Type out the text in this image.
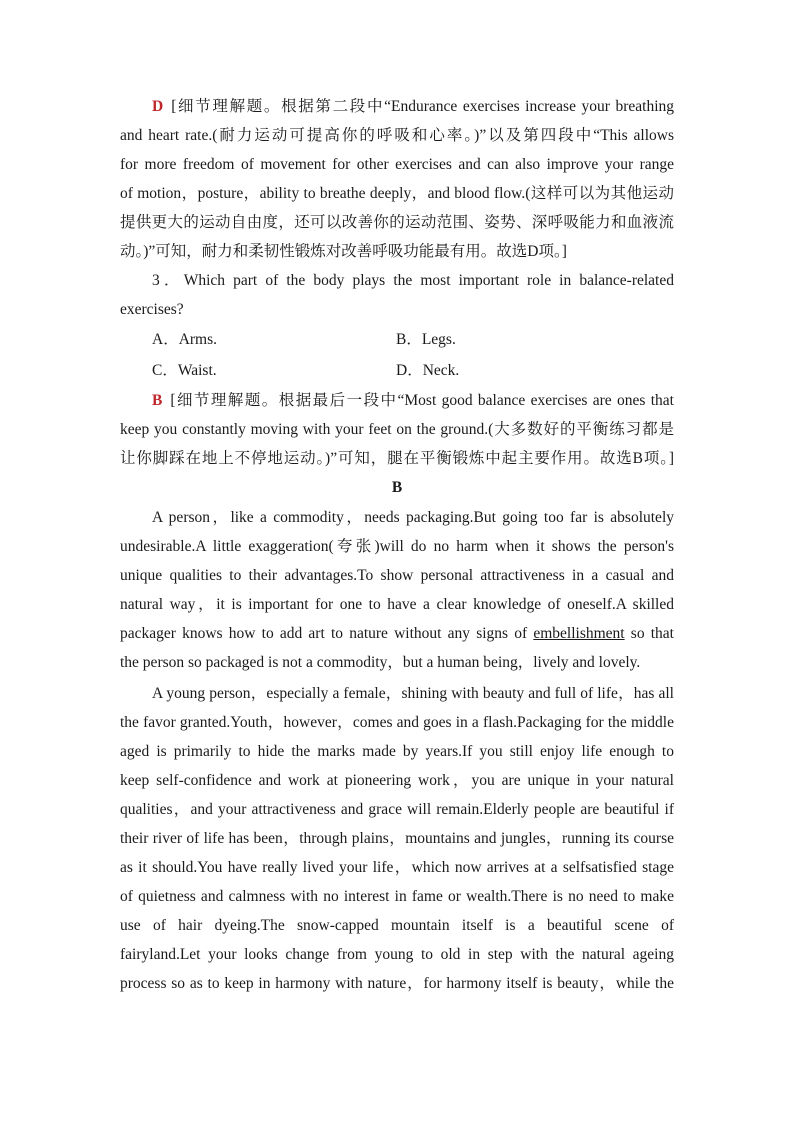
D [细节理解题。根据第二段中“Endurance exercises increase your breathing
and heart rate.(耐力运动可提高你的呼吸和心率。)”以及第四段中“This allows
for more freedom of movement for other exercises and can also improve your range
of motion，posture，ability to breathe deeply，and blood flow.(这样可以为其他运动
提供更大的运动自由度，还可以改善你的运动范围、姿势、深呼吸能力和血液流
动。)”可知，耐力和柔韧性锻炼对改善呼吸功能最有用。故选D项。]
3．Which part of the body plays the most important role in balance-related
exercises?
A．Arms.	B．Legs.
C．Waist.	D．Neck.
B [细节理解题。根据最后一段中“Most good balance exercises are ones that
keep you constantly moving with your feet on the ground.(大多数好的平衡练习都是
让你脚踩在地上不停地运动。)”可知，腿在平衡锻炼中起主要作用。故选B项。]
B
A person，like a commodity，needs packaging.But going too far is absolutely
undesirable.A little exaggeration(夸张)will do no harm when it shows the person's
unique qualities to their advantages.To show personal attractiveness in a casual and
natural way，it is important for one to have a clear knowledge of oneself.A skilled
packager knows how to add art to nature without any signs of embellishment so that
the person so packaged is not a commodity，but a human being，lively and lovely.
A young person，especially a female，shining with beauty and full of life，has all
the favor granted.Youth，however，comes and goes in a flash.Packaging for the middle
aged is primarily to hide the marks made by years.If you still enjoy life enough to
keep self-confidence and work at pioneering work，you are unique in your natural
qualities，and your attractiveness and grace will remain.Elderly people are beautiful if
their river of life has been，through plains，mountains and jungles，running its course
as it should.You have really lived your life，which now arrives at a selfsatisfied stage
of quietness and calmness with no interest in fame or wealth.There is no need to make
use of hair dyeing.The snow-capped mountain itself is a beautiful scene of
fairyland.Let your looks change from young to old in step with the natural ageing
process so as to keep in harmony with nature，for harmony itself is beauty，while the
